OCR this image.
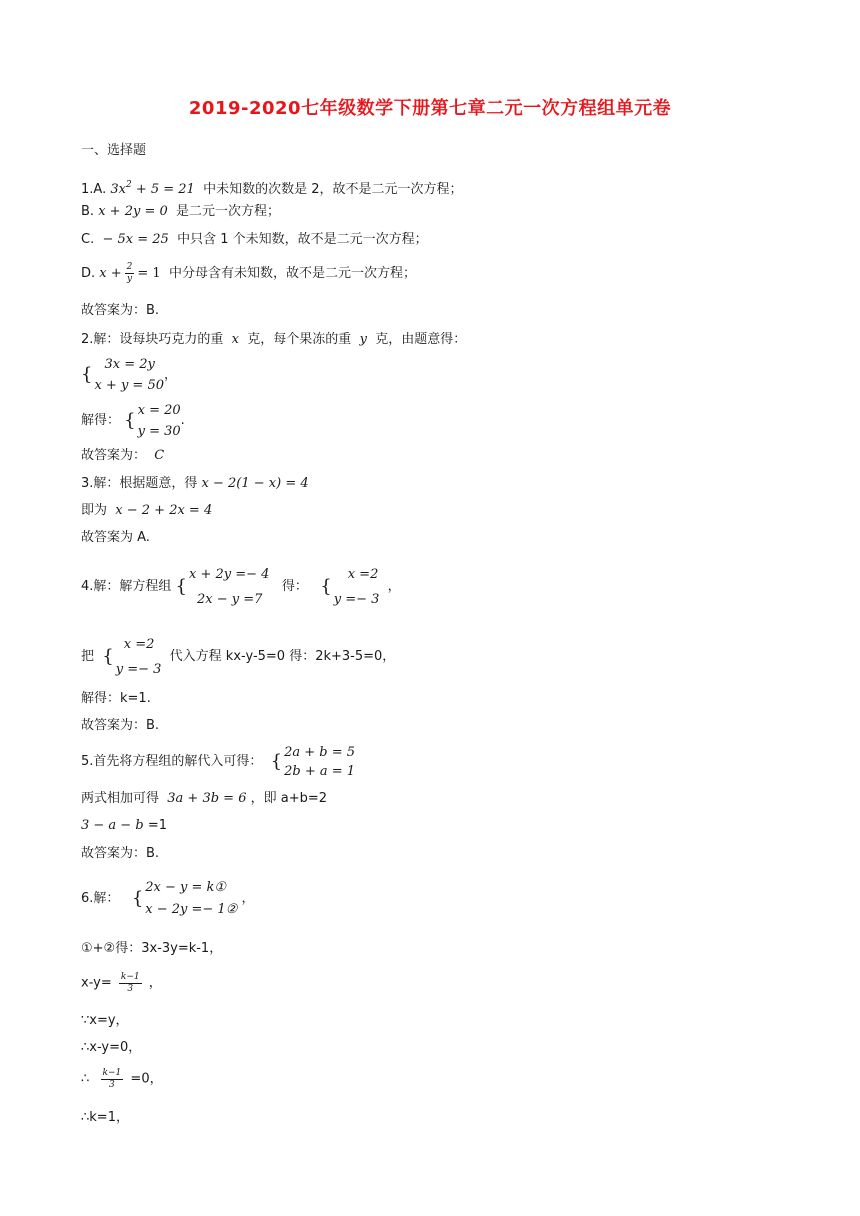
2019-2020七年级数学下册第七章二元一次方程组单元卷
一、选择题
1.A. $3x^2 + 5 = 21$ 中未知数的次数是 2，故不是二元一次方程；
B. x + 2y = 0 是二元一次方程；
C. − 5x = 25 中只含 1 个未知数，故不是二元一次方程；
D. $x + \frac{2}{y} = 1$ 中分母含有未知数，故不是二元一次方程；
故答案为：B.
2.解：设每块巧克力的重 x 克，每个果冻的重 y 克，由题意得：
{ 3x = 2y
x + y = 50
，
解得： { x = 20
y = 30
.
故答案为： C
3.解：根据题意，得 x − 2(1 − x) = 4
即为 x − 2 + 2x = 4
故答案为 A.
4.解：解方程组 {
x + 2y =− 4
2x − y =7
得： {
x =2
y =− 3
，
把 {
x =2
y =− 3
代入方程 kx-y-5=0 得：2k+3-5=0，
解得：k=1.
故答案为：B.
5.首先将方程组的解代入可得： { 2a + b = 5
2b + a = 1
两式相加可得 3a + 3b = 6 ，即 a+b=2
3 − a − b =1
故答案为：B.
6.解： {
2x − y = k①
x − 2y =− 1②
，
①+②得：3x-3y=k-1，
$x-y= \frac{k-1}{3}$ ，
∵x=y，
∴x-y=0，
∴ $\frac{k-1}{3} =0$，
∴k=1，
